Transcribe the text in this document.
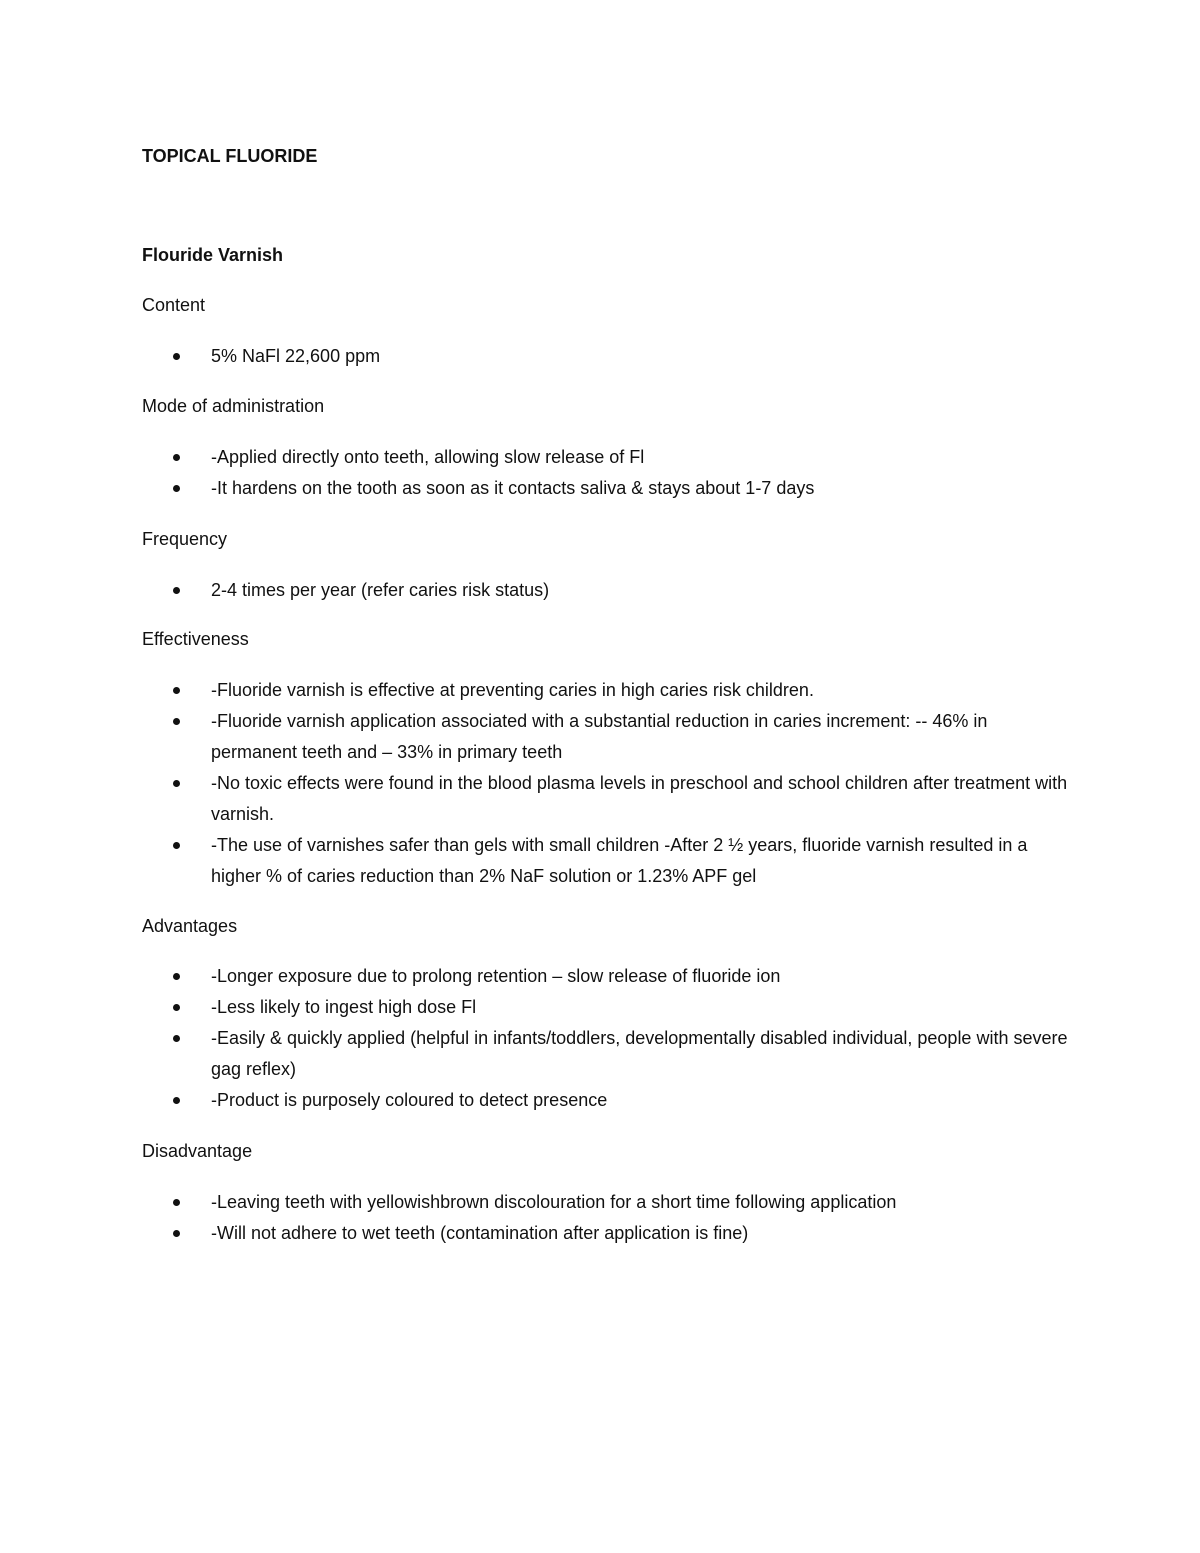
TOPICAL FLUORIDE
Flouride Varnish
Content
5% NaFl 22,600 ppm
Mode of administration
-Applied directly onto teeth, allowing slow release of Fl
-It hardens on the tooth as soon as it contacts saliva & stays about 1-7 days
Frequency
2-4 times per year (refer caries risk status)
Effectiveness
-Fluoride varnish is effective at preventing caries in high caries risk children.
-Fluoride varnish application associated with a substantial reduction in caries increment: -- 46% in permanent teeth and – 33% in primary teeth
-No toxic effects were found in the blood plasma levels in preschool and school children after treatment with varnish.
-The use of varnishes safer than gels with small children -After 2 ½ years, fluoride varnish resulted in a higher % of caries reduction than 2% NaF solution or 1.23% APF gel
Advantages
-Longer exposure due to prolong retention – slow release of fluoride ion
-Less likely to ingest high dose Fl
-Easily & quickly applied (helpful in infants/toddlers, developmentally disabled individual, people with severe gag reflex)
-Product is purposely coloured to detect presence
Disadvantage
-Leaving teeth with yellowishbrown discolouration for a short time following application
-Will not adhere to wet teeth (contamination after application is fine)
